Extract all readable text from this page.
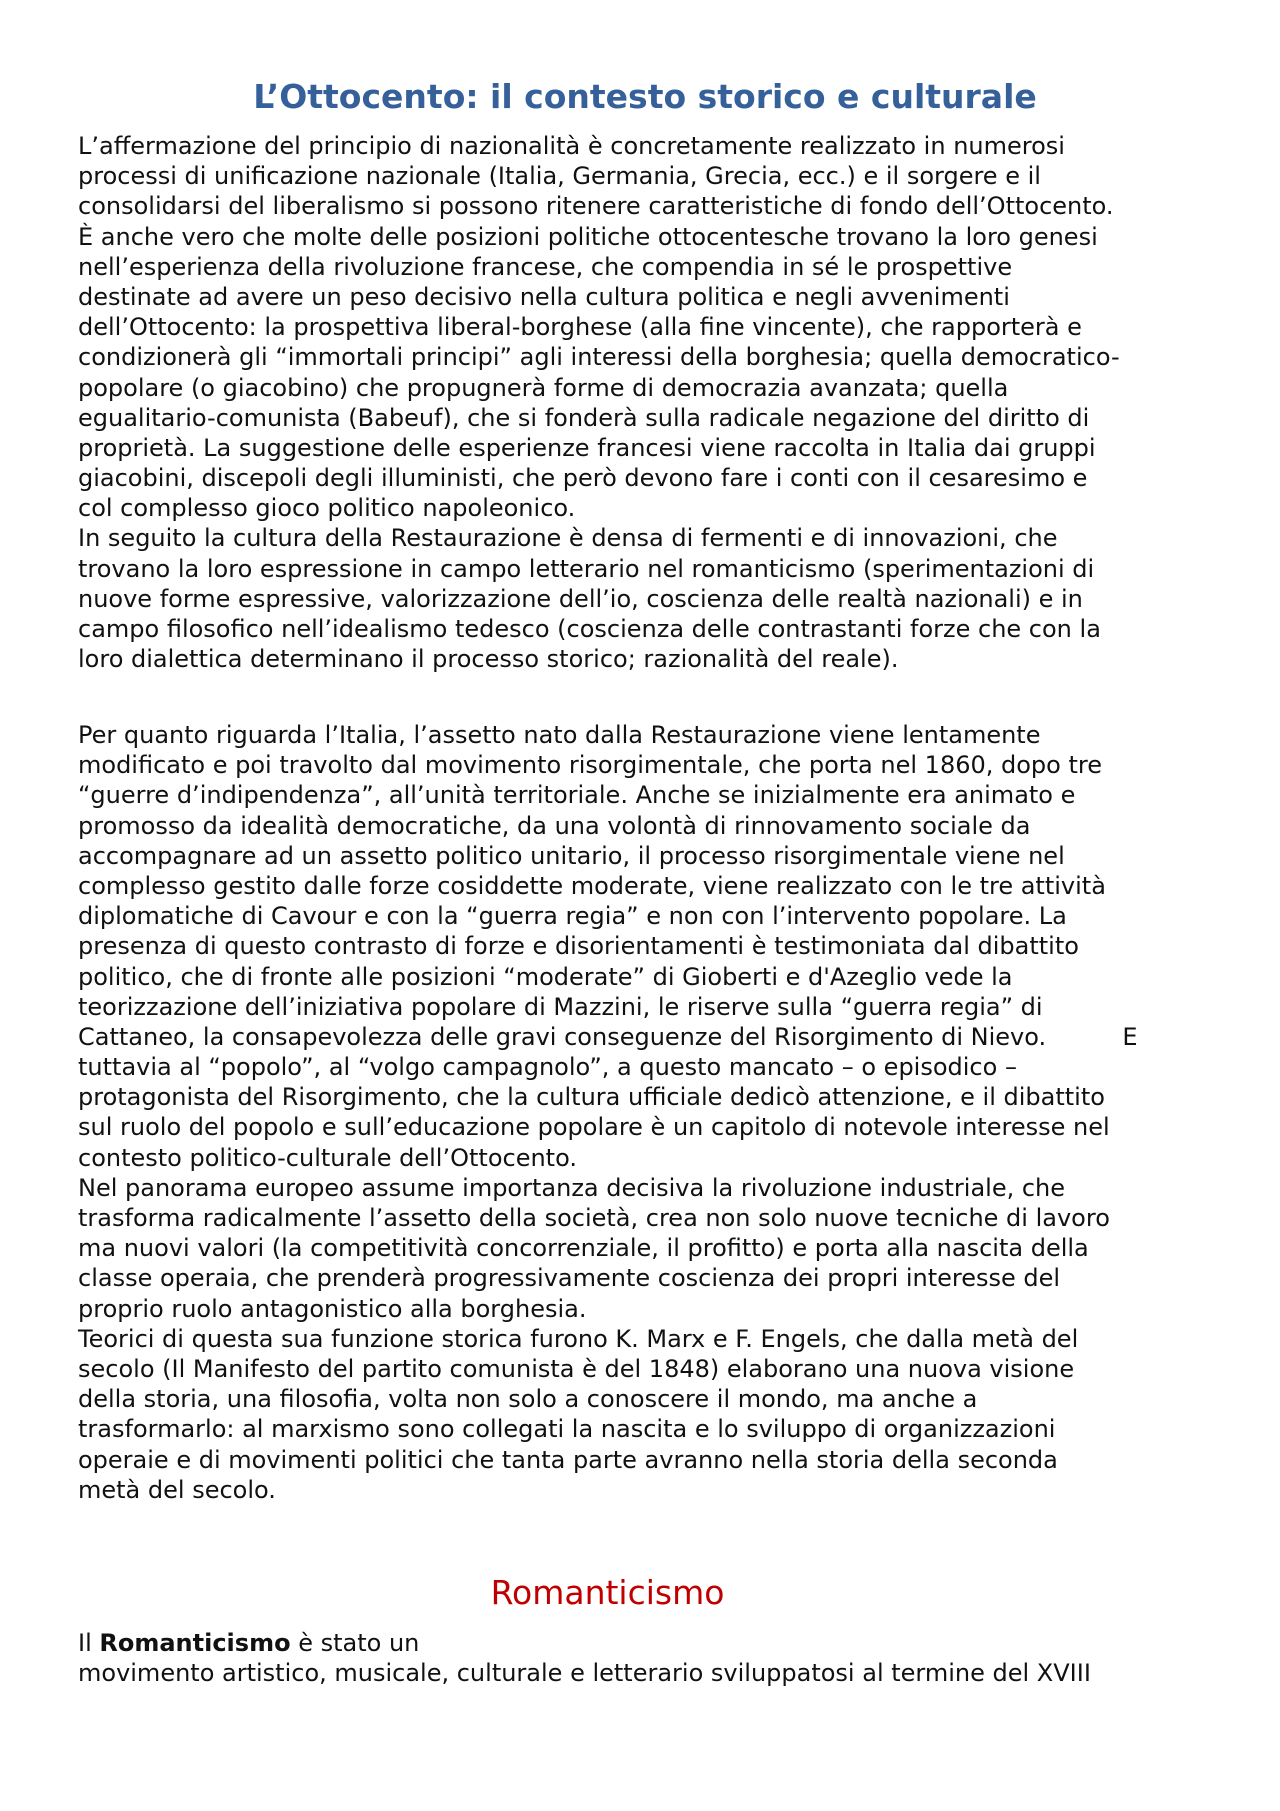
L’Ottocento: il contesto storico e culturale
L’affermazione del principio di nazionalità è concretamente realizzato in numerosi
processi di unificazione nazionale (Italia, Germania, Grecia, ecc.) e il sorgere e il
consolidarsi del liberalismo si possono ritenere caratteristiche di fondo dell’Ottocento.
È anche vero che molte delle posizioni politiche ottocentesche trovano la loro genesi
nell’esperienza della rivoluzione francese, che compendia in sé le prospettive
destinate ad avere un peso decisivo nella cultura politica e negli avvenimenti
dell’Ottocento: la prospettiva liberal-borghese (alla fine vincente), che rapporterà e
condizionerà gli “immortali principi” agli interessi della borghesia; quella democratico-
popolare (o giacobino) che propugnerà forme di democrazia avanzata; quella
egualitario-comunista (Babeuf), che si fonderà sulla radicale negazione del diritto di
proprietà. La suggestione delle esperienze francesi viene raccolta in Italia dai gruppi
giacobini, discepoli degli illuministi, che però devono fare i conti con il cesaresimo e
col complesso gioco politico napoleonico.
In seguito la cultura della Restaurazione è densa di fermenti e di innovazioni, che
trovano la loro espressione in campo letterario nel romanticismo (sperimentazioni di
nuove forme espressive, valorizzazione dell’io, coscienza delle realtà nazionali) e in
campo filosofico nell’idealismo tedesco (coscienza delle contrastanti forze che con la
loro dialettica determinano il processo storico; razionalità del reale).
Per quanto riguarda l’Italia, l’assetto nato dalla Restaurazione viene lentamente
modificato e poi travolto dal movimento risorgimentale, che porta nel 1860, dopo tre
“guerre d’indipendenza”, all’unità territoriale. Anche se inizialmente era animato e
promosso da idealità democratiche, da una volontà di rinnovamento sociale da
accompagnare ad un assetto politico unitario, il processo risorgimentale viene nel
complesso gestito dalle forze cosiddette moderate, viene realizzato con le tre attività
diplomatiche di Cavour e con la “guerra regia” e non con l’intervento popolare. La
presenza di questo contrasto di forze e disorientamenti è testimoniata dal dibattito
politico, che di fronte alle posizioni “moderate” di Gioberti e d'Azeglio vede la
teorizzazione dell’iniziativa popolare di Mazzini, le riserve sulla “guerra regia” di
Cattaneo, la consapevolezza delle gravi conseguenze del Risorgimento di Nievo.          E
tuttavia al “popolo”, al “volgo campagnolo”, a questo mancato – o episodico –
protagonista del Risorgimento, che la cultura ufficiale dedicò attenzione, e il dibattito
sul ruolo del popolo e sull’educazione popolare è un capitolo di notevole interesse nel
contesto politico-culturale dell’Ottocento.
Nel panorama europeo assume importanza decisiva la rivoluzione industriale, che
trasforma radicalmente l’assetto della società, crea non solo nuove tecniche di lavoro
ma nuovi valori (la competitività concorrenziale, il profitto) e porta alla nascita della
classe operaia, che prenderà progressivamente coscienza dei propri interesse del
proprio ruolo antagonistico alla borghesia.
Teorici di questa sua funzione storica furono K. Marx e F. Engels, che dalla metà del
secolo (Il Manifesto del partito comunista è del 1848) elaborano una nuova visione
della storia, una filosofia, volta non solo a conoscere il mondo, ma anche a
trasformarlo: al marxismo sono collegati la nascita e lo sviluppo di organizzazioni
operaie e di movimenti politici che tanta parte avranno nella storia della seconda
metà del secolo.
Romanticismo
Il Romanticismo è stato un
movimento artistico, musicale, culturale e letterario sviluppatosi al termine del XVIII
